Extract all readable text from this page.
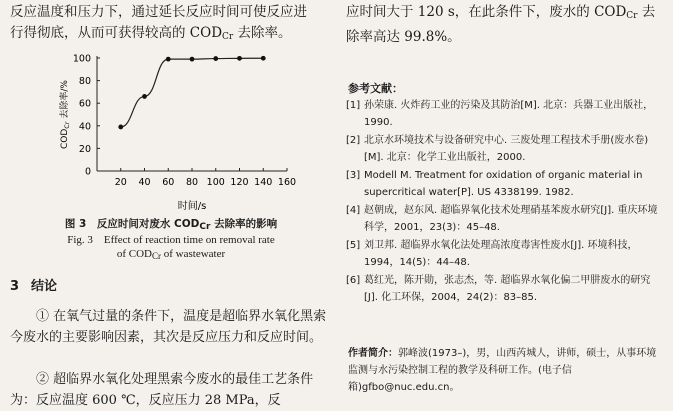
反应温度和压力下，通过延长反应时间可使反应进
行得彻底，从而可获得较高的 $COD_{Cr}$ 去除率。
20 40 60 80 100 120 140 160
0
20
40
60
80
100
时间/s
$COD_{Cr}$ 去除率/%
图 3　反应时间对废水 $COD_{Cr}$ 去除率的影响
Fig. 3　Effect of reaction time on removal rate
of $COD_{Cr}$ of wastewater
3 结论

① 在氧气过量的条件下，温度是超临界水氧化黑索今废水的主要影响因素，其次是反应压力和反应时间。

② 超临界水氧化处理黑索今废水的最佳工艺条件为：反应温度 600 ℃，反应压力 28 MPa，反

应时间大于 120 s，在此条件下，废水的 $COD_{Cr}$ 去
除率高达 99.8%。
参考文献：
[1] 孙荣康. 火炸药工业的污染及其防治[M]. 北京：兵器工业出版社，1990.
[2] 北京水环境技术与设备研究中心. 三废处理工程技术手册(废水卷)[M]. 北京：化学工业出版社，2000.
[3] Modell M. Treatment for oxidation of organic material in supercritical water[P]. US 4338199. 1982.
[4] 赵朝成，赵东风. 超临界氧化技术处理硝基苯废水研究[J]. 重庆环境科学，2001，23(3)：45–48.
[5] 刘卫邦. 超临界水氧化法处理高浓度毒害性废水[J]. 环境科技，1994，14(5)：44–48.
[6] 葛红光，陈开勋，张志杰，等. 超临界水氧化偏二甲肼废水的研究[J]. 化工环保，2004，24(2)：83–85.
作者简介：郭峰波(1973–)，男，山西芮城人，讲师，硕士，从事环境监测与水污染控制工程的教学及科研工作。(电子信箱)gfbo@nuc.edu.cn。
